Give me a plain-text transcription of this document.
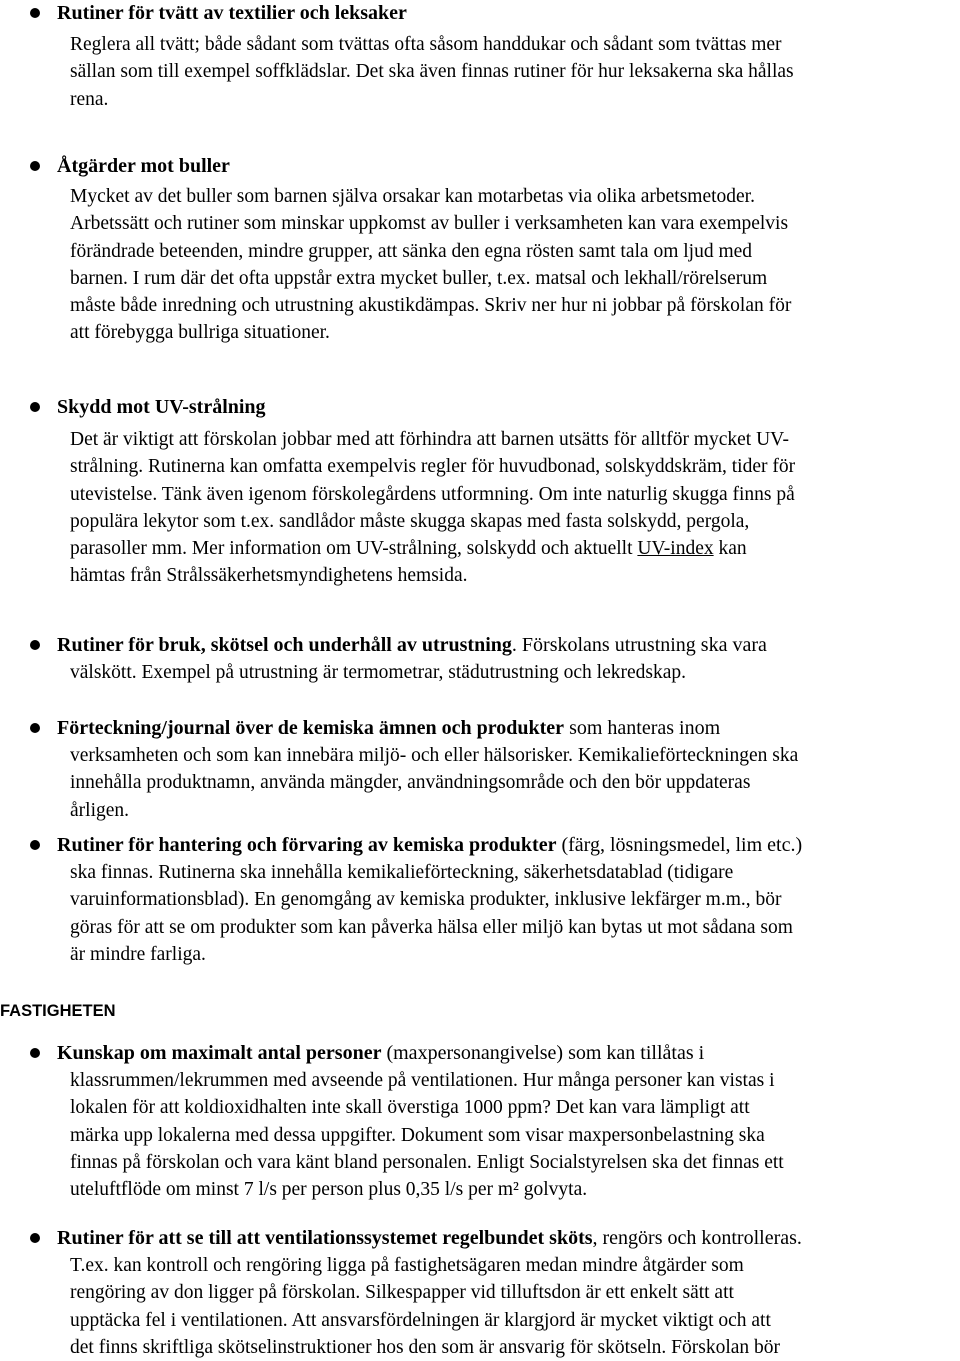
Rutiner för tvätt av textilier och leksaker
Reglera all tvätt; både sådant som tvättas ofta såsom handdukar och sådant som tvättas mer
sällan som till exempel soffklädslar. Det ska även finnas rutiner för hur leksakerna ska hållas
rena.
Åtgärder mot buller
Mycket av det buller som barnen själva orsakar kan motarbetas via olika arbetsmetoder.
Arbetssätt och rutiner som minskar uppkomst av buller i verksamheten kan vara exempelvis
förändrade beteenden, mindre grupper, att sänka den egna rösten samt tala om ljud med
barnen. I rum där det ofta uppstår extra mycket buller, t.ex. matsal och lekhall/rörelserum
måste både inredning och utrustning akustikdämpas. Skriv ner hur ni jobbar på förskolan för
att förebygga bullriga situationer.
Skydd mot UV-strålning
Det är viktigt att förskolan jobbar med att förhindra att barnen utsätts för alltför mycket UV-
strålning. Rutinerna kan omfatta exempelvis regler för huvudbonad, solskyddskräm, tider för
utevistelse. Tänk även igenom förskolegårdens utformning. Om inte naturlig skugga finns på
populära lekytor som t.ex. sandlådor måste skugga skapas med fasta solskydd, pergola,
parasoller mm. Mer information om UV-strålning, solskydd och aktuellt UV-index kan
hämtas från Strålssäkerhetsmyndighetens hemsida.
Rutiner för bruk, skötsel och underhåll av utrustning. Förskolans utrustning ska vara
välskött. Exempel på utrustning är termometrar, städutrustning och lekredskap.
Förteckning/journal över de kemiska ämnen och produkter som hanteras inom
verksamheten och som kan innebära miljö- och eller hälsorisker. Kemikalieförteckningen ska
innehålla produktnamn, använda mängder, användningsområde och den bör uppdateras
årligen.
Rutiner för hantering och förvaring av kemiska produkter (färg, lösningsmedel, lim etc.)
ska finnas. Rutinerna ska innehålla kemikalieförteckning, säkerhetsdatablad (tidigare
varuinformationsblad). En genomgång av kemiska produkter, inklusive lekfärger m.m., bör
göras för att se om produkter som kan påverka hälsa eller miljö kan bytas ut mot sådana som
är mindre farliga.
FASTIGHETEN
Kunskap om maximalt antal personer (maxpersonangivelse) som kan tillåtas i
klassrummen/lekrummen med avseende på ventilationen. Hur många personer kan vistas i
lokalen för att koldioxidhalten inte skall överstiga 1000 ppm? Det kan vara lämpligt att
märka upp lokalerna med dessa uppgifter. Dokument som visar maxpersonbelastning ska
finnas på förskolan och vara känt bland personalen. Enligt Socialstyrelsen ska det finnas ett
uteluftflöde om minst 7 l/s per person plus 0,35 l/s per m² golvyta.
Rutiner för att se till att ventilationssystemet regelbundet sköts, rengörs och kontrolleras.
T.ex. kan kontroll och rengöring ligga på fastighetsägaren medan mindre åtgärder som
rengöring av don ligger på förskolan. Silkespapper vid tilluftsdon är ett enkelt sätt att
upptäcka fel i ventilationen. Att ansvarsfördelningen är klargjord är mycket viktigt och att
det finns skriftliga skötselinstruktioner hos den som är ansvarig för skötseln. Förskolan bör
